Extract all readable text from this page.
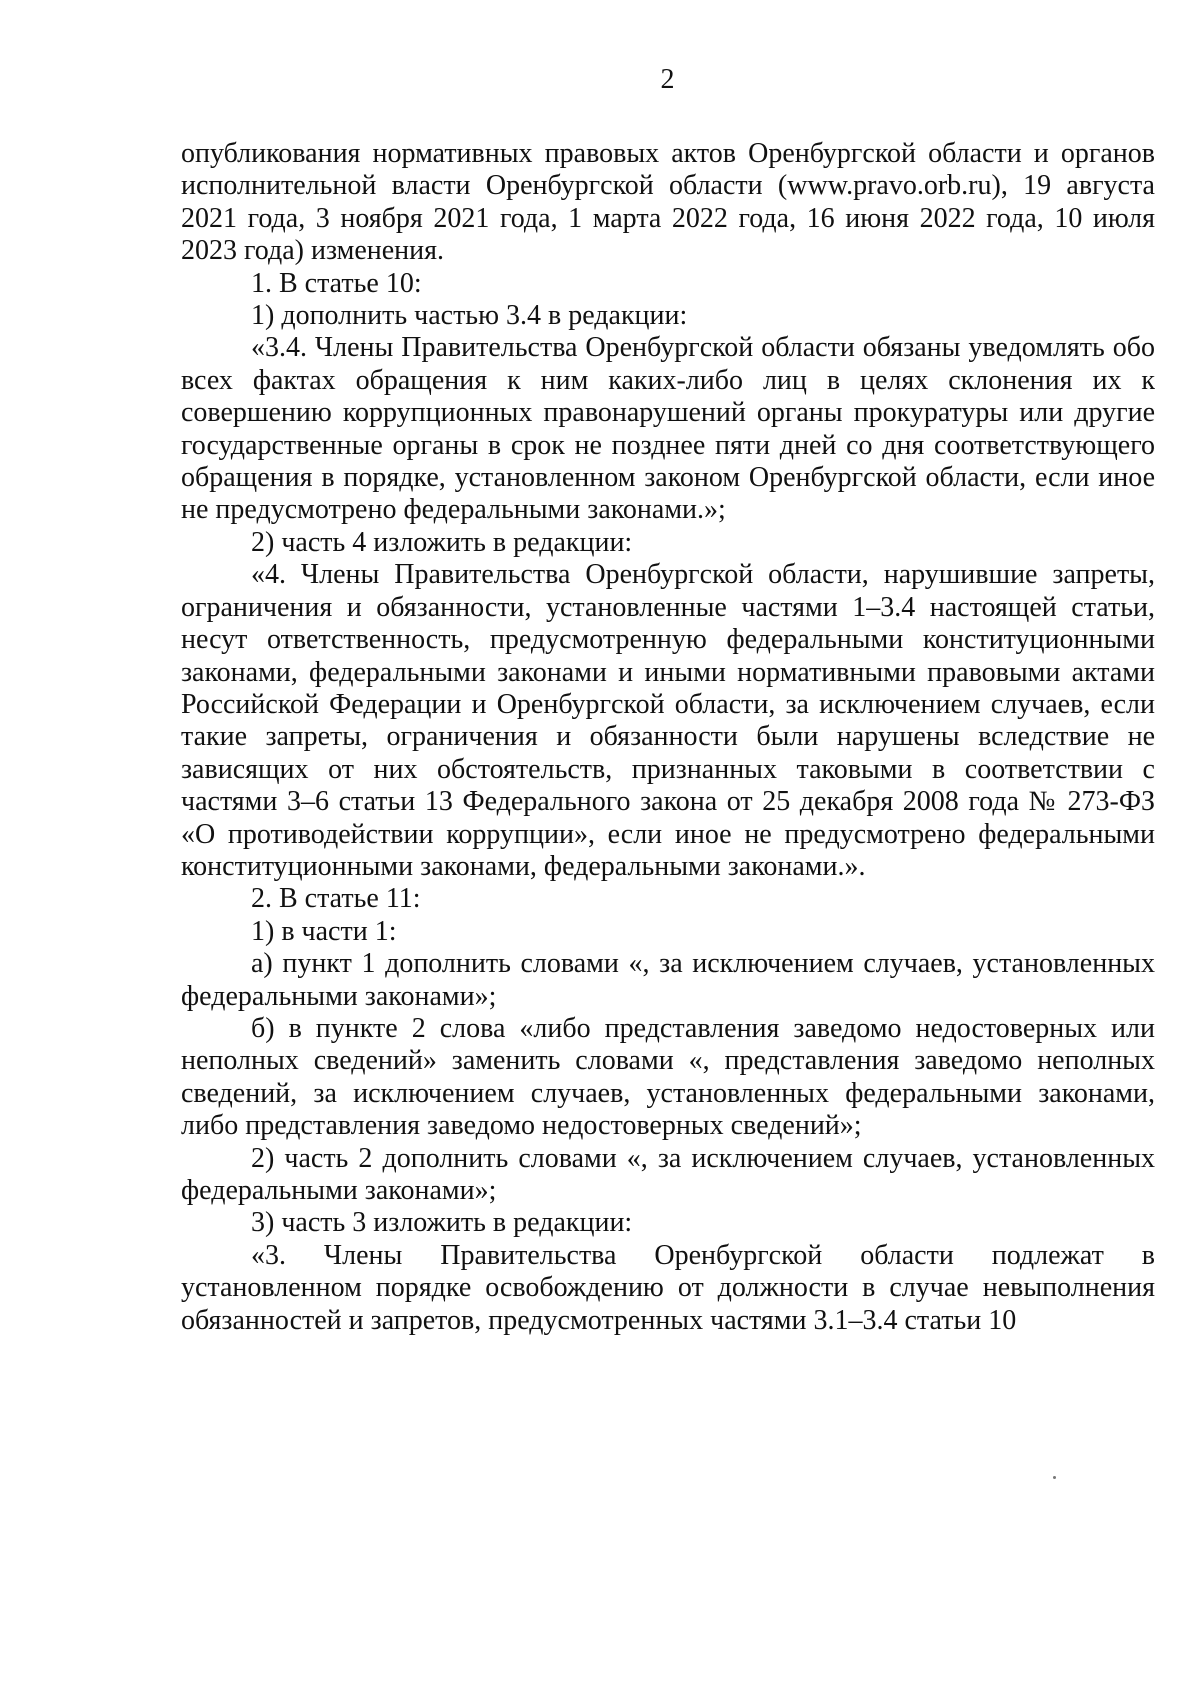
2

опубликования нормативных правовых актов Оренбургской области и органов исполнительной власти Оренбургской области (www.pravo.orb.ru), 19 августа 2021 года, 3 ноября 2021 года, 1 марта 2022 года, 16 июня 2022 года, 10 июля 2023 года) изменения.

1. В статье 10:

1) дополнить частью 3.4 в редакции:

«3.4. Члены Правительства Оренбургской области обязаны уведомлять обо всех фактах обращения к ним каких-либо лиц в целях склонения их к совершению коррупционных правонарушений органы прокуратуры или другие государственные органы в срок не позднее пяти дней со дня соответствующего обращения в порядке, установленном законом Оренбургской области, если иное не предусмотрено федеральными законами.»;

2) часть 4 изложить в редакции:

«4. Члены Правительства Оренбургской области, нарушившие запреты, ограничения и обязанности, установленные частями 1–3.4 настоящей статьи, несут ответственность, предусмотренную федеральными конституционными законами, федеральными законами и иными нормативными правовыми актами Российской Федерации и Оренбургской области, за исключением случаев, если такие запреты, ограничения и обязанности были нарушены вследствие не зависящих от них обстоятельств, признанных таковыми в соответствии с частями 3–6 статьи 13 Федерального закона от 25 декабря 2008 года № 273-ФЗ «О противодействии коррупции», если иное не предусмотрено федеральными конституционными законами, федеральными законами.».

2. В статье 11:

1) в части 1:

а) пункт 1 дополнить словами «, за исключением случаев, установленных федеральными законами»;

б) в пункте 2 слова «либо представления заведомо недостоверных или неполных сведений» заменить словами «, представления заведомо неполных сведений, за исключением случаев, установленных федеральными законами, либо представления заведомо недостоверных сведений»;

2) часть 2 дополнить словами «, за исключением случаев, установленных федеральными законами»;

3) часть 3 изложить в редакции:

«3. Члены Правительства Оренбургской области подлежат в установленном порядке освобождению от должности в случае невыполнения обязанностей и запретов, предусмотренных частями 3.1–3.4 статьи 10
